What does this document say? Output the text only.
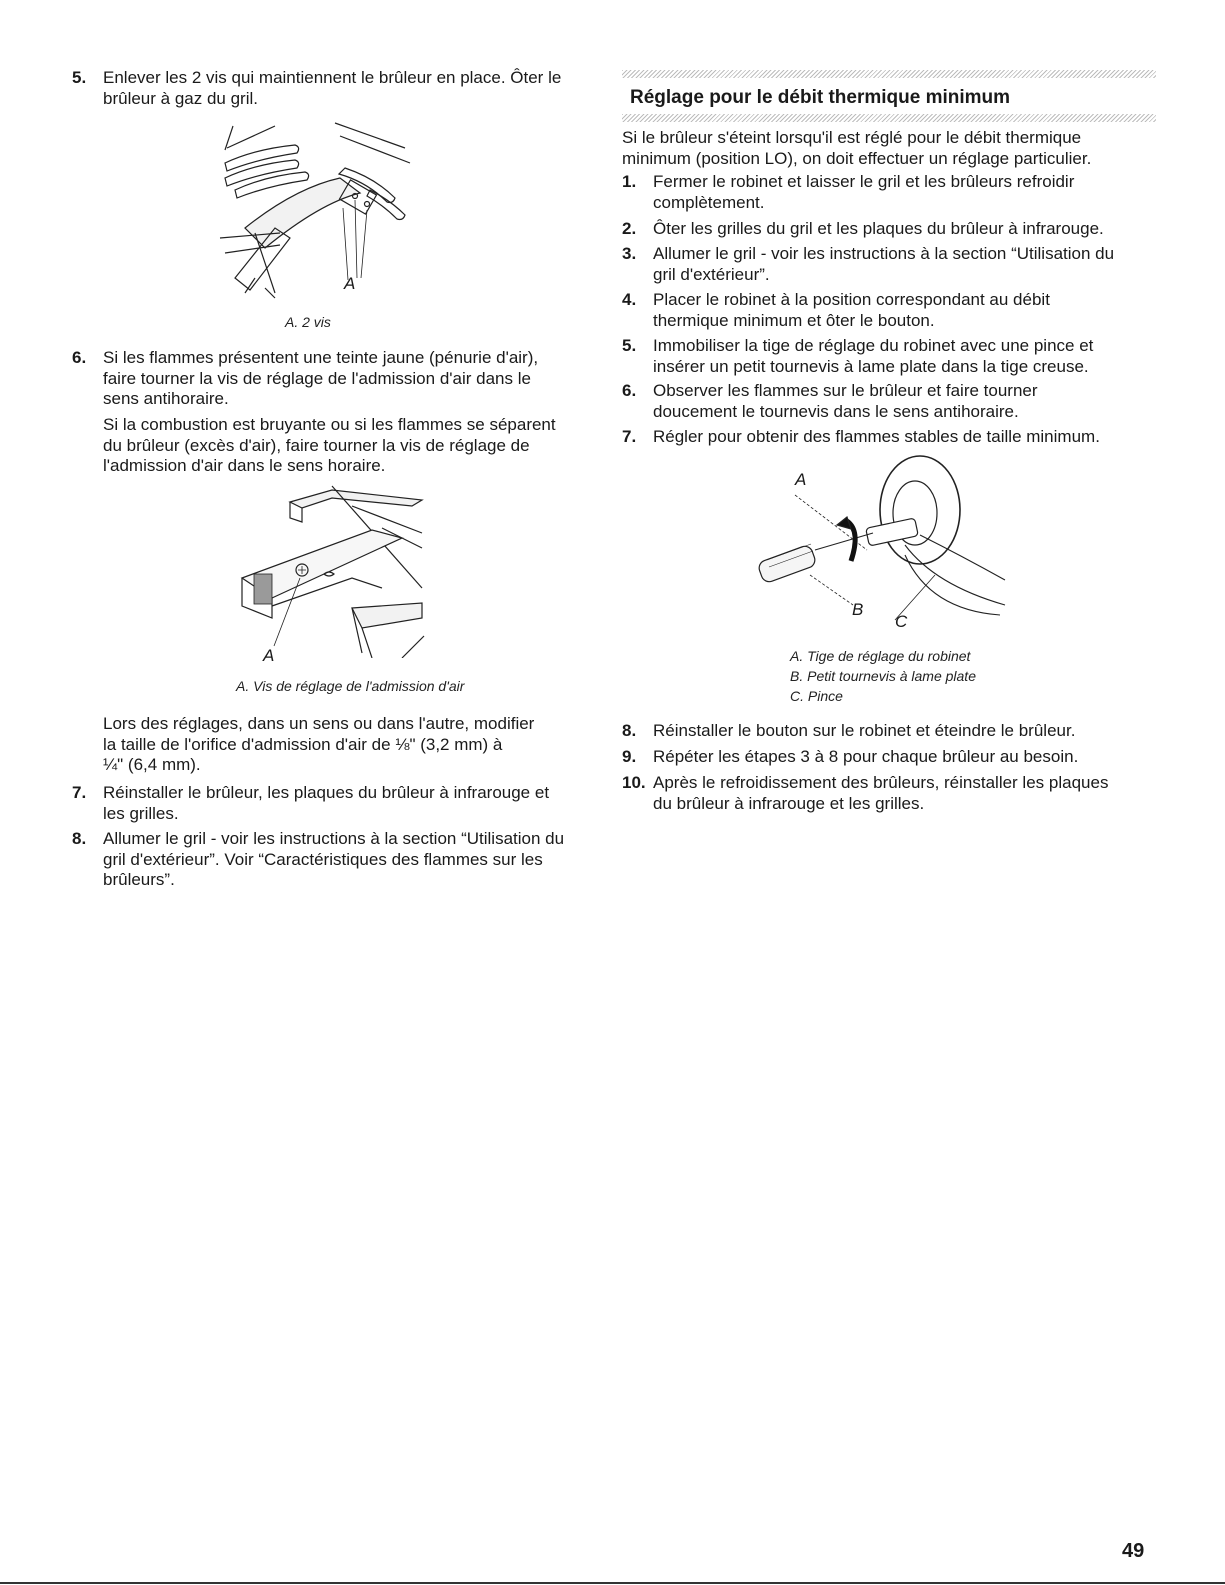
5. Enlever les 2 vis qui maintiennent le brûleur en place. Ôter le
brûleur à gaz du gril.
A
A. 2 vis
6. Si les flammes présentent une teinte jaune (pénurie d'air),
faire tourner la vis de réglage de l'admission d'air dans le
sens antihoraire.
Si la combustion est bruyante ou si les flammes se séparent
du brûleur (excès d'air), faire tourner la vis de réglage de
l'admission d'air dans le sens horaire.
A
A. Vis de réglage de l'admission d'air
Lors des réglages, dans un sens ou dans l'autre, modifier
la taille de l'orifice d'admission d'air de ⅛" (3,2 mm) à
¼" (6,4 mm).
7. Réinstaller le brûleur, les plaques du brûleur à infrarouge et
les grilles.
8. Allumer le gril - voir les instructions à la section “Utilisation du
gril d'extérieur”. Voir “Caractéristiques des flammes sur les
brûleurs”.
Réglage pour le débit thermique minimum
Si le brûleur s'éteint lorsqu'il est réglé pour le débit thermique
minimum (position LO), on doit effectuer un réglage particulier.
1. Fermer le robinet et laisser le gril et les brûleurs refroidir
complètement.
2. Ôter les grilles du gril et les plaques du brûleur à infrarouge.
3. Allumer le gril - voir les instructions à la section “Utilisation du
gril d'extérieur”.
4. Placer le robinet à la position correspondant au débit
thermique minimum et ôter le bouton.
5. Immobiliser la tige de réglage du robinet avec une pince et
insérer un petit tournevis à lame plate dans la tige creuse.
6. Observer les flammes sur le brûleur et faire tourner
doucement le tournevis dans le sens antihoraire.
7. Régler pour obtenir des flammes stables de taille minimum.
A
B
C
A. Tige de réglage du robinet
B. Petit tournevis à lame plate
C. Pince
8. Réinstaller le bouton sur le robinet et éteindre le brûleur.
9. Répéter les étapes 3 à 8 pour chaque brûleur au besoin.
10. Après le refroidissement des brûleurs, réinstaller les plaques
du brûleur à infrarouge et les grilles.
49
